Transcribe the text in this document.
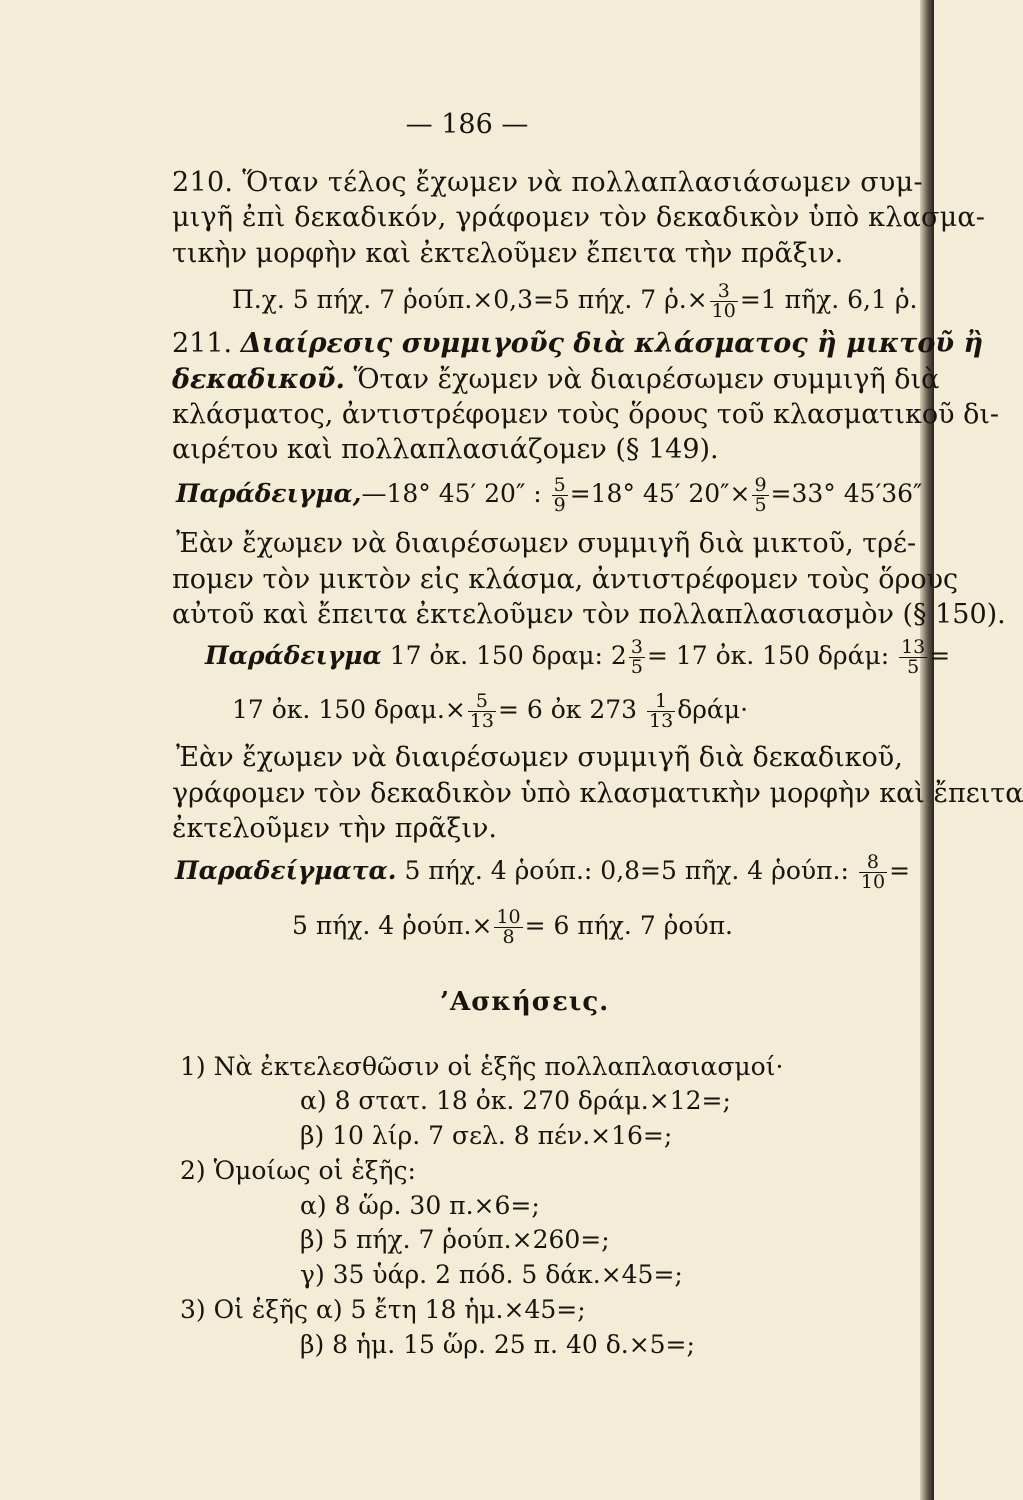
— 186 —
210. Ὅταν τέλος ἔχωμεν νὰ πολλαπλασιάσωμεν συμ-
μιγῆ ἐπὶ δεκαδικόν, γράφομεν τὸν δεκαδικὸν ὑπὸ κλασμα-
τικὴν μορφὴν καὶ ἐκτελοῦμεν ἔπειτα τὴν πρᾶξιν.
Π.χ. 5 πήχ. 7 ῥούπ.×0,3=5 πήχ. 7 ῥ.× $\frac{3}{10} =1$ πῆχ. 6,1 ῥ.
211. Διαίρεσις συμμιγοῦς διὰ κλάσματος ἢ μικτοῦ ἢ
δεκαδικοῦ. Ὅταν ἔχωμεν νὰ διαιρέσωμεν συμμιγῆ διὰ
κλάσματος, ἀντιστρέφομεν τοὺς ὅρους τοῦ κλασματικοῦ δι-
αιρέτου καὶ πολλαπλασιάζομεν (§ 149).
Παράδειγμα,—18° 45′ 20″ : $\frac{5}{9} =18^\circ$ 45′ $20''\times \frac{9}{5} =33^\circ$ 45′36″
Ἐὰν ἔχωμεν νὰ διαιρέσωμεν συμμιγῆ διὰ μικτοῦ, τρέ-
πομεν τὸν μικτὸν εἰς κλάσμα, ἀντιστρέφομεν τοὺς ὅρους
αὐτοῦ καὶ ἔπειτα ἐκτελοῦμεν τὸν πολλαπλασιασμὸν (§ 150).
Παράδειγμα 17 ὀκ. 150 δραμ: $2 \frac{3}{5} = 17$ ὀκ. 150 δράμ: $\frac{13}{5}$ =
17 ὀκ. 150 $\delta\rho\alpha\mu.\times \frac{5}{13} = 6$ ὀκ $273 \frac{1}{13} \delta\rho ά\mu\cdot$
Ἐὰν ἔχωμεν νὰ διαιρέσωμεν συμμιγῆ διὰ δεκαδικοῦ,
γράφομεν τὸν δεκαδικὸν ὑπὸ κλασματικὴν μορφὴν καὶ ἔπειτα
ἐκτελοῦμεν τὴν πρᾶξιν.
Παραδείγματα. 5 πήχ. 4 ῥούπ.: 0,8=5 πῆχ. 4 ῥούπ.: $\frac{8}{10}$ =
5 πήχ. 4 ῥούπ.× $\frac{10}{8} = 6$ πήχ. 7 ῥούπ.
’Ασκήσεις.
1) Νὰ ἐκτελεσθῶσιν οἱ ἑξῆς πολλαπλασιασμοί·
α) 8 στατ. 18 ὀκ. 270 δράμ.×12=;
β) 10 λίρ. 7 σελ. 8 πέν.×16=;
2) Ὁμοίως οἱ ἑξῆς:
α) 8 ὥρ. 30 π.×6=;
β) 5 πήχ. 7 ῥούπ.×260=;
γ) 35 ὑάρ. 2 πόδ. 5 δάκ.×45=;
3) Οἱ ἑξῆς α) 5 ἔτη 18 ἡμ.×45=;
β) 8 ἡμ. 15 ὥρ. 25 π. 40 δ.×5=;
